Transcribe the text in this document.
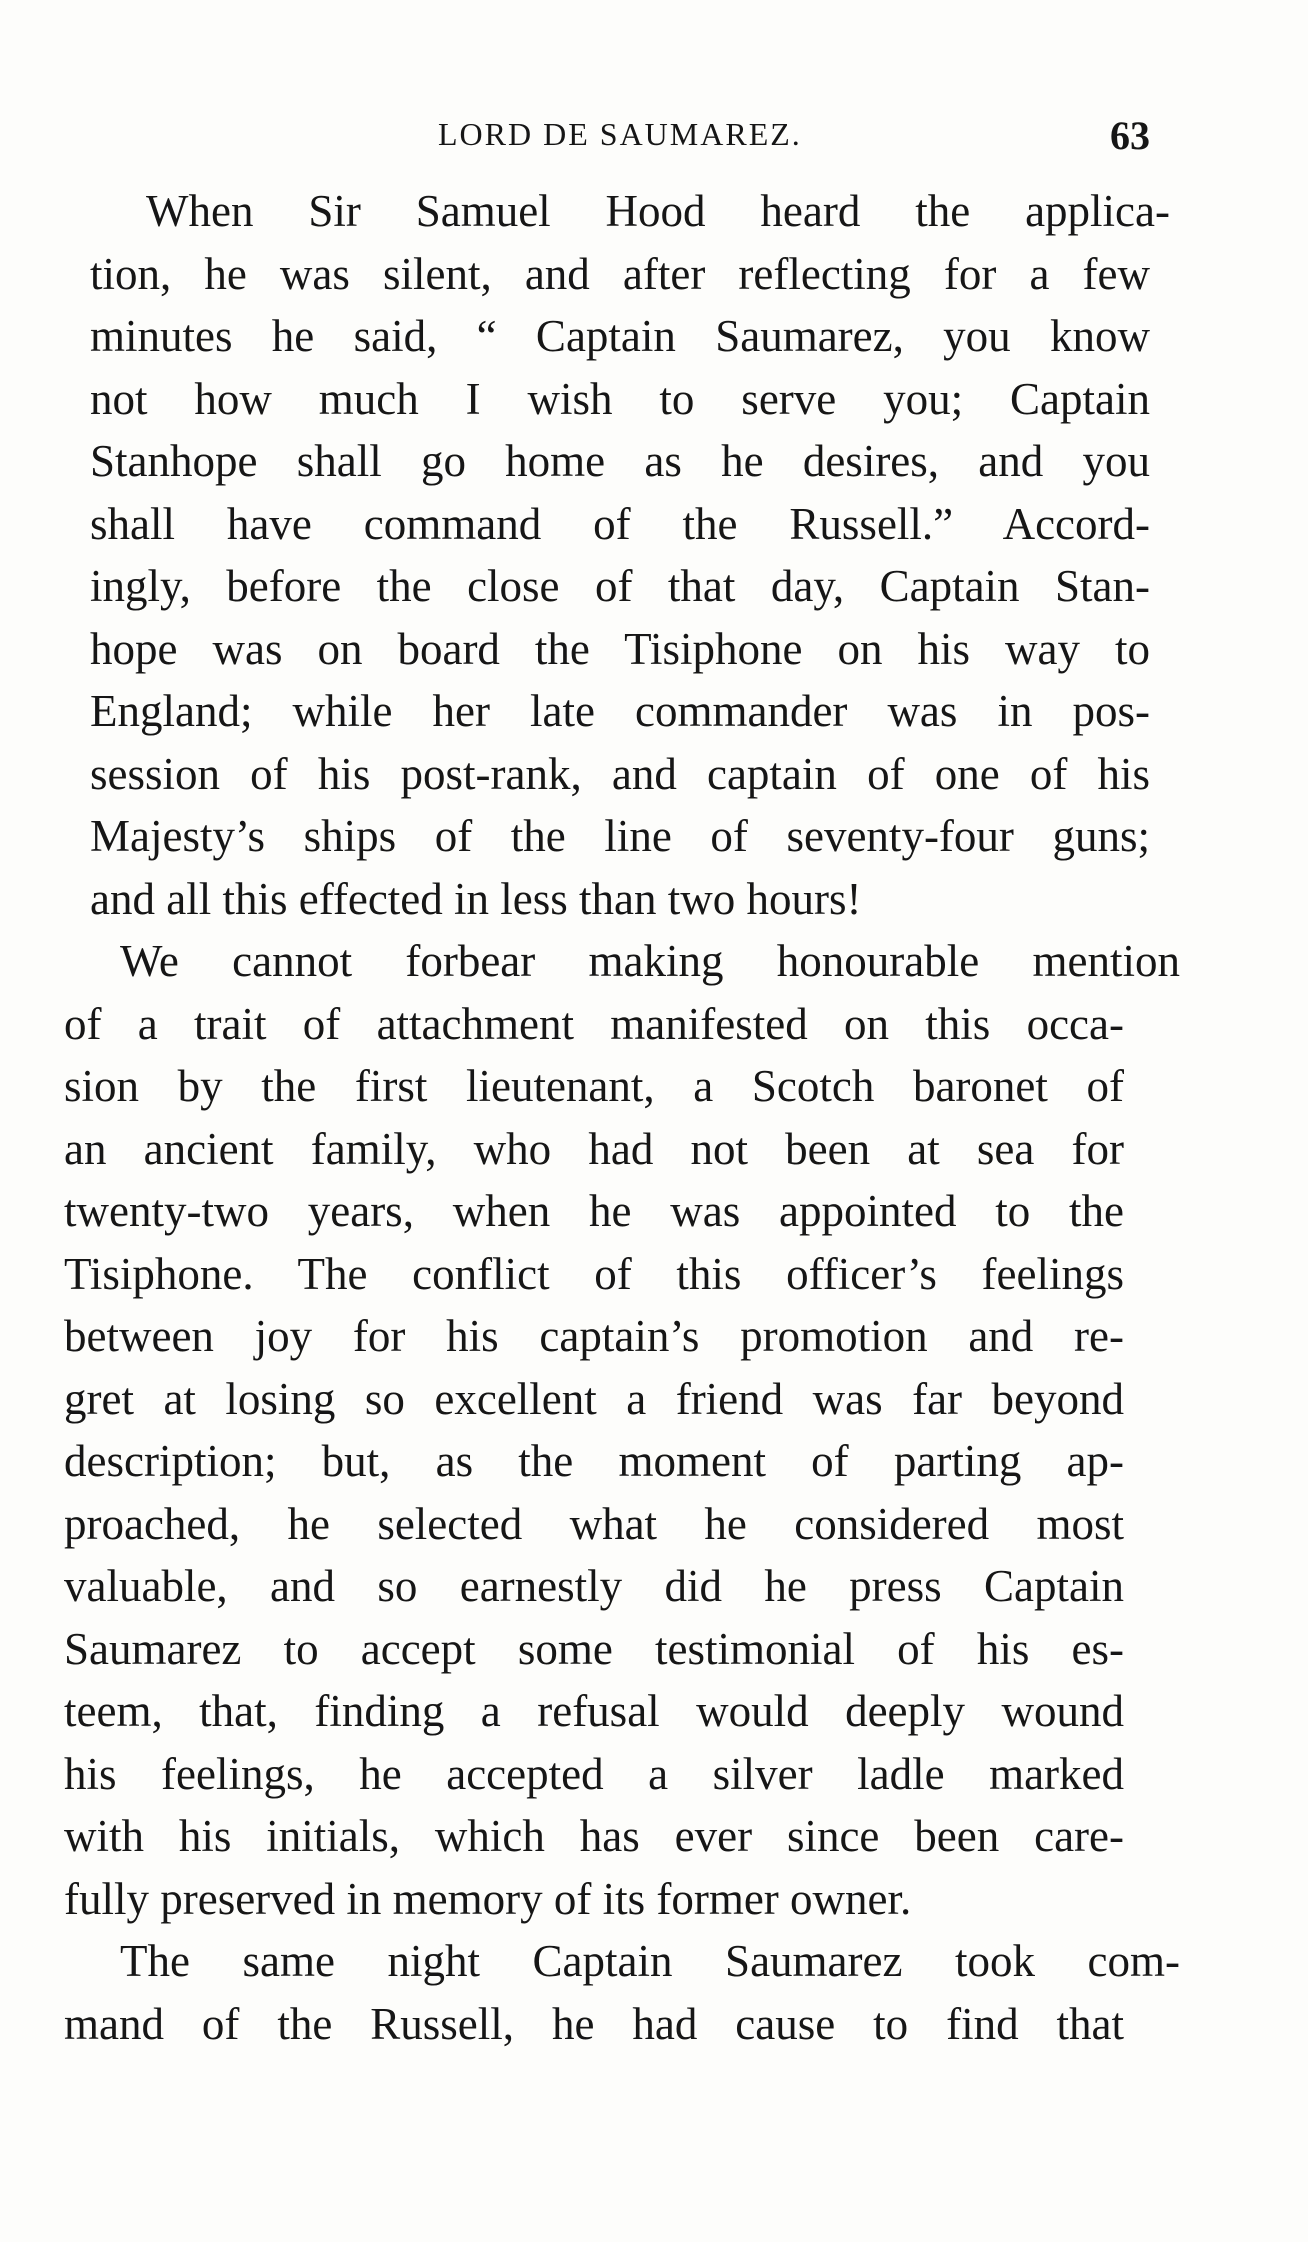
LORD DE SAUMAREZ.	63
When Sir Samuel Hood heard the applica-
tion, he was silent, and after reflecting for a few
minutes he said, “ Captain Saumarez, you know
not how much I wish to serve you; Captain
Stanhope shall go home as he desires, and you
shall have command of the Russell.” Accord-
ingly, before the close of that day, Captain Stan-
hope was on board the Tisiphone on his way to
England; while her late commander was in pos-
session of his post-rank, and captain of one of his
Majesty’s ships of the line of seventy-four guns;
and all this effected in less than two hours!
We cannot forbear making honourable mention
of a trait of attachment manifested on this occa-
sion by the first lieutenant, a Scotch baronet of
an ancient family, who had not been at sea for
twenty-two years, when he was appointed to the
Tisiphone. The conflict of this officer’s feelings
between joy for his captain’s promotion and re-
gret at losing so excellent a friend was far beyond
description; but, as the moment of parting ap-
proached, he selected what he considered most
valuable, and so earnestly did he press Captain
Saumarez to accept some testimonial of his es-
teem, that, finding a refusal would deeply wound
his feelings, he accepted a silver ladle marked
with his initials, which has ever since been care-
fully preserved in memory of its former owner.
The same night Captain Saumarez took com-
mand of the Russell, he had cause to find that
